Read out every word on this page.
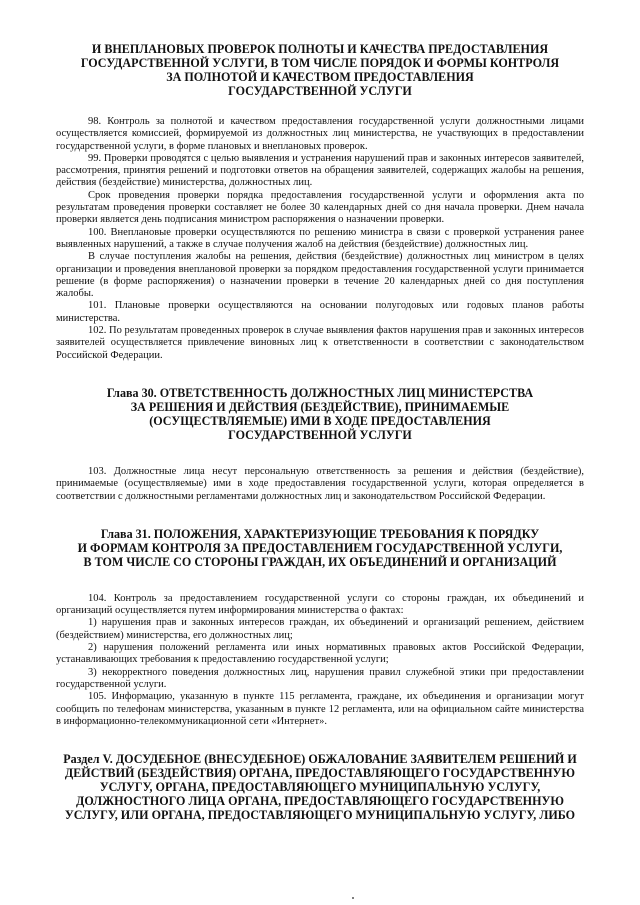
И ВНЕПЛАНОВЫХ ПРОВЕРОК ПОЛНОТЫ И КАЧЕСТВА ПРЕДОСТАВЛЕНИЯ
ГОСУДАРСТВЕННОЙ УСЛУГИ, В ТОМ ЧИСЛЕ ПОРЯДОК И ФОРМЫ КОНТРОЛЯ
ЗА ПОЛНОТОЙ И КАЧЕСТВОМ ПРЕДОСТАВЛЕНИЯ
ГОСУДАРСТВЕННОЙ УСЛУГИ

98. Контроль за полнотой и качеством предоставления государственной услуги должностными лицами осуществляется комиссией, формируемой из должностных лиц министерства, не участвующих в предоставлении государственной услуги, в форме плановых и внеплановых проверок.

99. Проверки проводятся с целью выявления и устранения нарушений прав и законных интересов заявителей, рассмотрения, принятия решений и подготовки ответов на обращения заявителей, содержащих жалобы на решения, действия (бездействие) министерства, должностных лиц.

Срок проведения проверки порядка предоставления государственной услуги и оформления акта по результатам проведения проверки составляет не более 30 календарных дней со дня начала проверки. Днем начала проверки является день подписания министром распоряжения о назначении проверки.

100. Внеплановые проверки осуществляются по решению министра в связи с проверкой устранения ранее выявленных нарушений, а также в случае получения жалоб на действия (бездействие) должностных лиц.

В случае поступления жалобы на решения, действия (бездействие) должностных лиц министром в целях организации и проведения внеплановой проверки за порядком предоставления государственной услуги принимается решение (в форме распоряжения) о назначении проверки в течение 20 календарных дней со дня поступления жалобы.

101. Плановые проверки осуществляются на основании полугодовых или годовых планов работы министерства.

102. По результатам проведенных проверок в случае выявления фактов нарушения прав и законных интересов заявителей осуществляется привлечение виновных лиц к ответственности в соответствии с законодательством Российской Федерации.

Глава 30. ОТВЕТСТВЕННОСТЬ ДОЛЖНОСТНЫХ ЛИЦ МИНИСТЕРСТВА
ЗА РЕШЕНИЯ И ДЕЙСТВИЯ (БЕЗДЕЙСТВИЕ), ПРИНИМАЕМЫЕ
(ОСУЩЕСТВЛЯЕМЫЕ) ИМИ В ХОДЕ ПРЕДОСТАВЛЕНИЯ
ГОСУДАРСТВЕННОЙ УСЛУГИ

103. Должностные лица несут персональную ответственность за решения и действия (бездействие), принимаемые (осуществляемые) ими в ходе предоставления государственной услуги, которая определяется в соответствии с должностными регламентами должностных лиц и законодательством Российской Федерации.

Глава 31. ПОЛОЖЕНИЯ, ХАРАКТЕРИЗУЮЩИЕ ТРЕБОВАНИЯ К ПОРЯДКУ
И ФОРМАМ КОНТРОЛЯ ЗА ПРЕДОСТАВЛЕНИЕМ ГОСУДАРСТВЕННОЙ УСЛУГИ,
В ТОМ ЧИСЛЕ СО СТОРОНЫ ГРАЖДАН, ИХ ОБЪЕДИНЕНИЙ И ОРГАНИЗАЦИЙ

104. Контроль за предоставлением государственной услуги со стороны граждан, их объединений и организаций осуществляется путем информирования министерства о фактах:

1) нарушения прав и законных интересов граждан, их объединений и организаций решением, действием (бездействием) министерства, его должностных лиц;

2) нарушения положений регламента или иных нормативных правовых актов Российской Федерации, устанавливающих требования к предоставлению государственной услуги;

3) некорректного поведения должностных лиц, нарушения правил служебной этики при предоставлении государственной услуги.

105. Информацию, указанную в пункте 115 регламента, граждане, их объединения и организации могут сообщить по телефонам министерства, указанным в пункте 12 регламента, или на официальном сайте министерства в информационно-телекоммуникационной сети «Интернет».

Раздел V. ДОСУДЕБНОЕ (ВНЕСУДЕБНОЕ) ОБЖАЛОВАНИЕ ЗАЯВИТЕЛЕМ РЕШЕНИЙ И
ДЕЙСТВИЙ (БЕЗДЕЙСТВИЯ) ОРГАНА, ПРЕДОСТАВЛЯЮЩЕГО ГОСУДАРСТВЕННУЮ
УСЛУГУ, ОРГАНА, ПРЕДОСТАВЛЯЮЩЕГО МУНИЦИПАЛЬНУЮ УСЛУГУ,
ДОЛЖНОСТНОГО ЛИЦА ОРГАНА, ПРЕДОСТАВЛЯЮЩЕГО ГОСУДАРСТВЕННУЮ
УСЛУГУ, ИЛИ ОРГАНА, ПРЕДОСТАВЛЯЮЩЕГО МУНИЦИПАЛЬНУЮ УСЛУГУ, ЛИБО
